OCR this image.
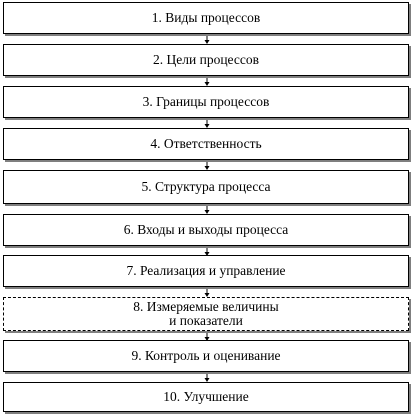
1. Виды процессов
2. Цели процессов
3. Границы процессов
4. Ответственность
5. Структура процесса
6. Входы и выходы процесса
7. Реализация и управление
8. Измеряемые величины
и показатели
9. Контроль и оценивание
10. Улучшение
